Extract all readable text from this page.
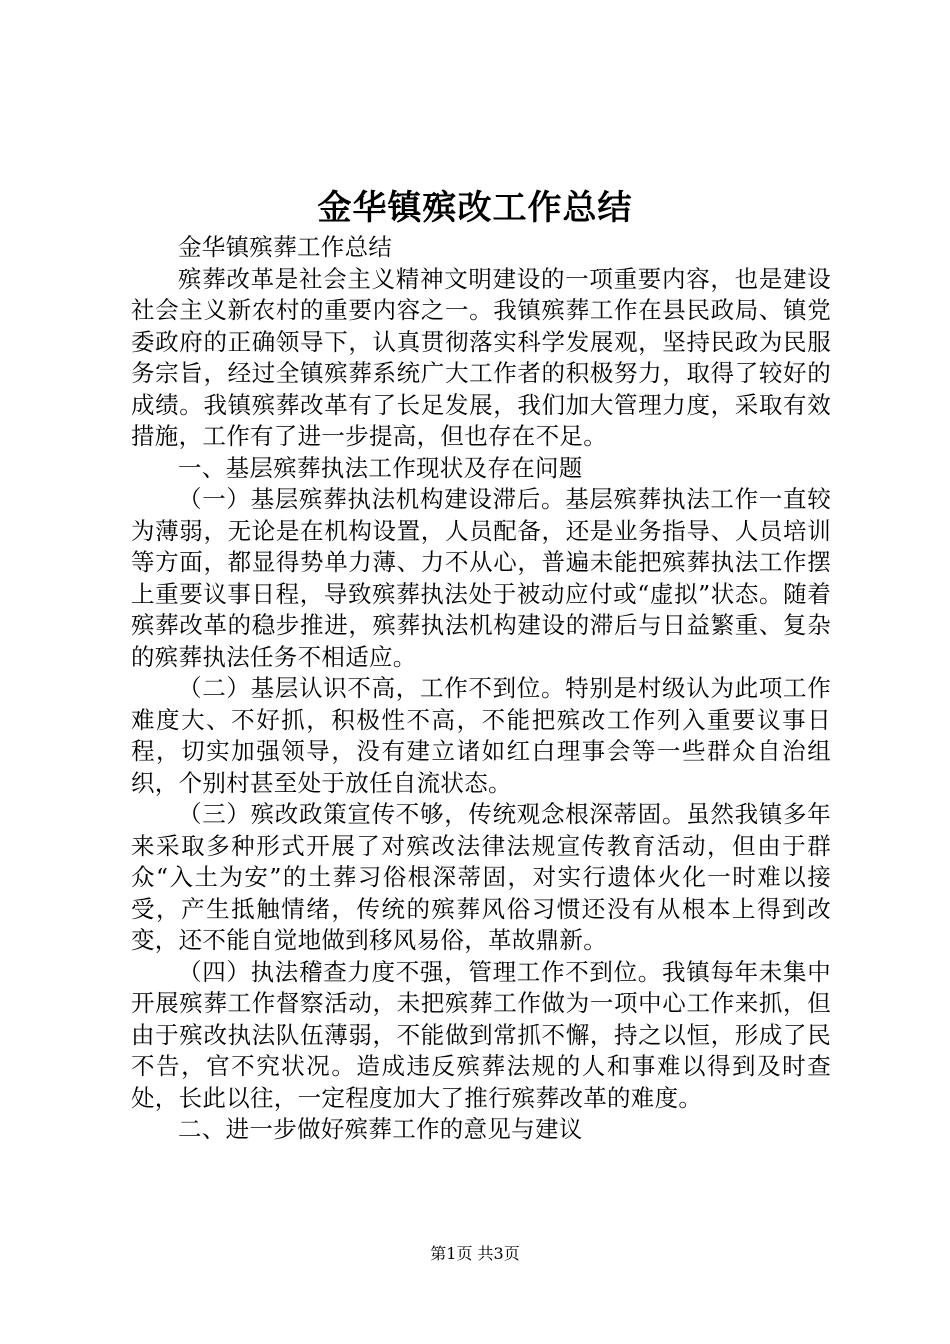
金华镇殡改工作总结

金华镇殡葬工作总结

殡葬改革是社会主义精神文明建设的一项重要内容，也是建设社会主义新农村的重要内容之一。我镇殡葬工作在县民政局、镇党委政府的正确领导下，认真贯彻落实科学发展观，坚持民政为民服务宗旨，经过全镇殡葬系统广大工作者的积极努力，取得了较好的成绩。我镇殡葬改革有了长足发展，我们加大管理力度，采取有效措施，工作有了进一步提高，但也存在不足。

一、基层殡葬执法工作现状及存在问题

（一）基层殡葬执法机构建设滞后。基层殡葬执法工作一直较为薄弱，无论是在机构设置，人员配备，还是业务指导、人员培训等方面，都显得势单力薄、力不从心，普遍未能把殡葬执法工作摆上重要议事日程，导致殡葬执法处于被动应付或“虚拟”状态。随着殡葬改革的稳步推进，殡葬执法机构建设的滞后与日益繁重、复杂的殡葬执法任务不相适应。

（二）基层认识不高，工作不到位。特别是村级认为此项工作难度大、不好抓，积极性不高，不能把殡改工作列入重要议事日程，切实加强领导，没有建立诸如红白理事会等一些群众自治组织，个别村甚至处于放任自流状态。

（三）殡改政策宣传不够，传统观念根深蒂固。虽然我镇多年来采取多种形式开展了对殡改法律法规宣传教育活动，但由于群众“入土为安”的土葬习俗根深蒂固，对实行遗体火化一时难以接受，产生抵触情绪，传统的殡葬风俗习惯还没有从根本上得到改变，还不能自觉地做到移风易俗，革故鼎新。

（四）执法稽查力度不强，管理工作不到位。我镇每年未集中开展殡葬工作督察活动，未把殡葬工作做为一项中心工作来抓，但由于殡改执法队伍薄弱，不能做到常抓不懈，持之以恒，形成了民不告，官不究状况。造成违反殡葬法规的人和事难以得到及时查处，长此以往，一定程度加大了推行殡葬改革的难度。

二、进一步做好殡葬工作的意见与建议

第1页 共3页
